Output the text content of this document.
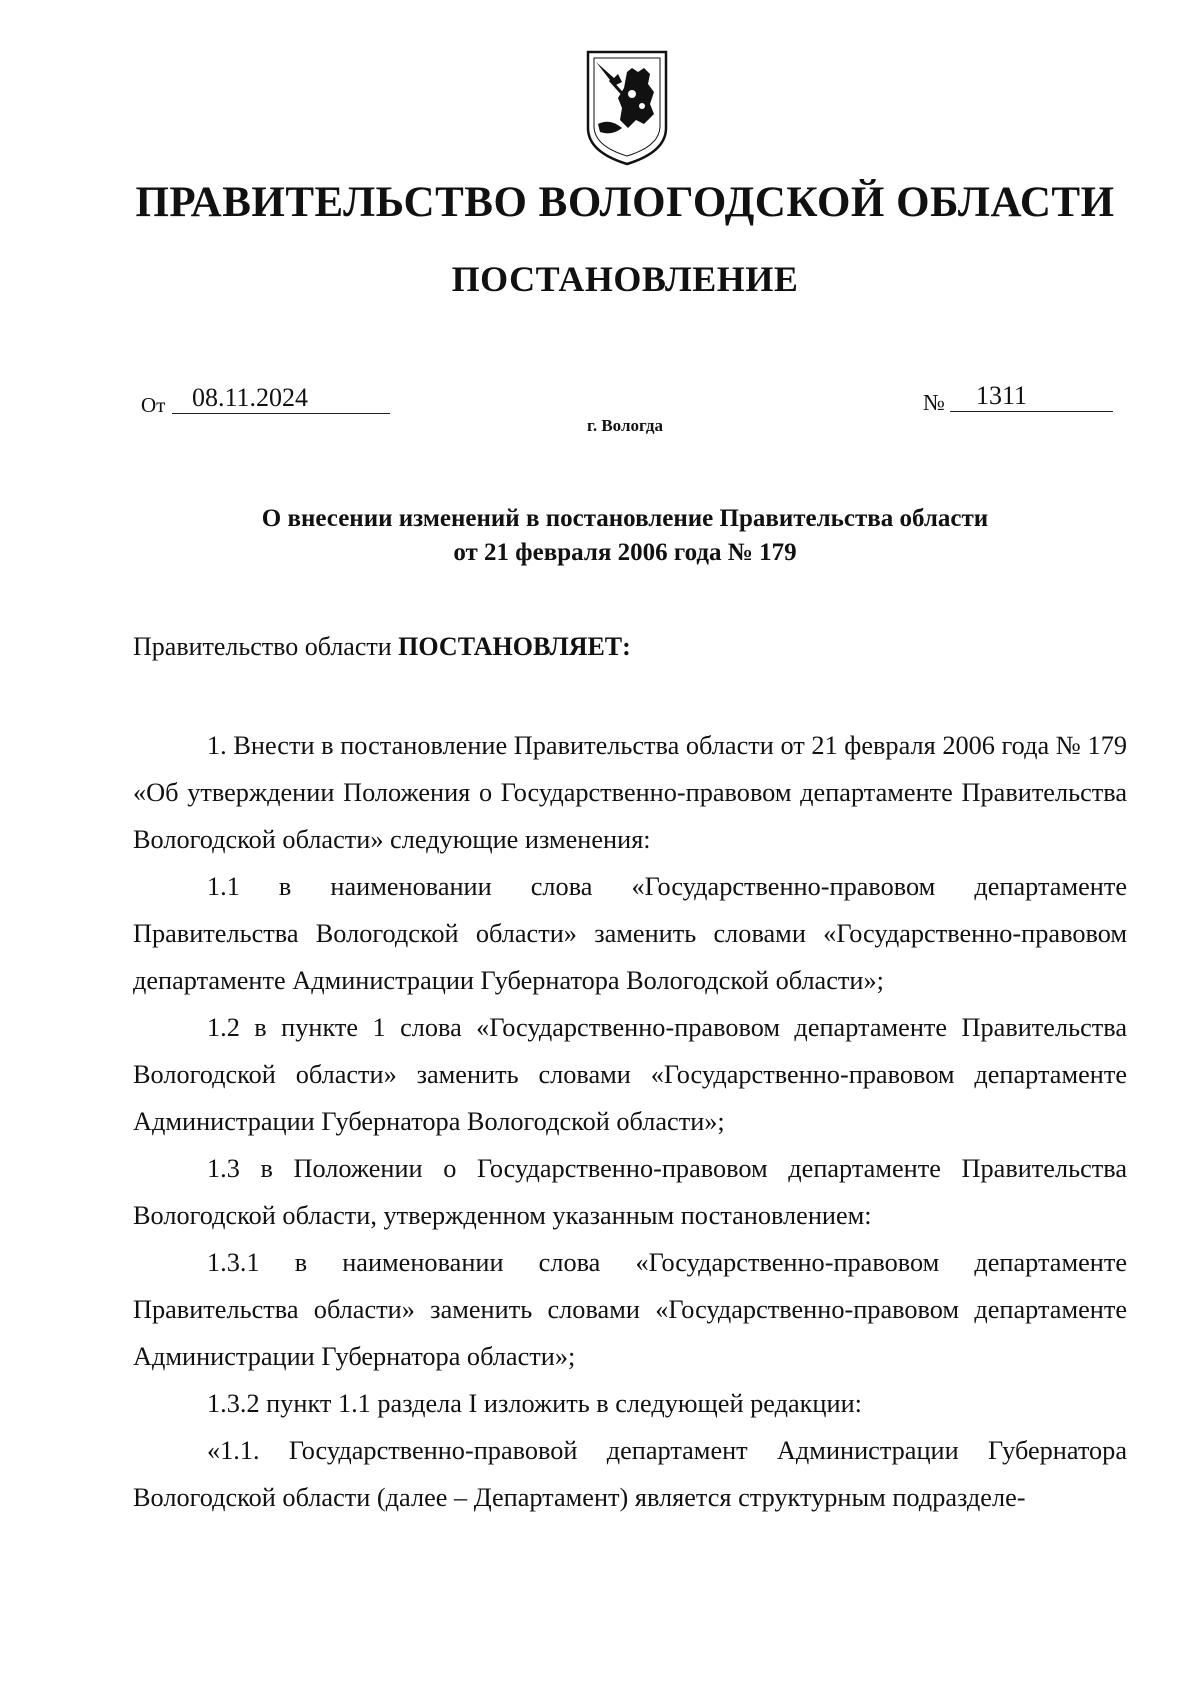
ПРАВИТЕЛЬСТВО ВОЛОГОДСКОЙ ОБЛАСТИ
ПОСТАНОВЛЕНИЕ
От	08.11.2024	№	1311
г. Вологда
О внесении изменений в постановление Правительства области
от 21 февраля 2006 года № 179
Правительство области ПОСТАНОВЛЯЕТ:

1. Внести в постановление Правительства области от 21 февраля 2006 года № 179 «Об утверждении Положения о Государственно-правовом департаменте Правительства Вологодской области» следующие изменения:

1.1 в наименовании слова «Государственно-правовом департаменте Правительства Вологодской области» заменить словами «Государственно-правовом департаменте Администрации Губернатора Вологодской области»;

1.2 в пункте 1 слова «Государственно-правовом департаменте Правительства Вологодской области» заменить словами «Государственно-правовом департаменте Администрации Губернатора Вологодской области»;

1.3 в Положении о Государственно-правовом департаменте Правительства Вологодской области, утвержденном указанным постановлением:

1.3.1 в наименовании слова «Государственно-правовом департаменте Правительства области» заменить словами «Государственно-правовом департаменте Администрации Губернатора области»;

1.3.2 пункт 1.1 раздела I изложить в следующей редакции:

«1.1. Государственно-правовой департамент Администрации Губернатора Вологодской области (далее – Департамент) является структурным подразделе-
